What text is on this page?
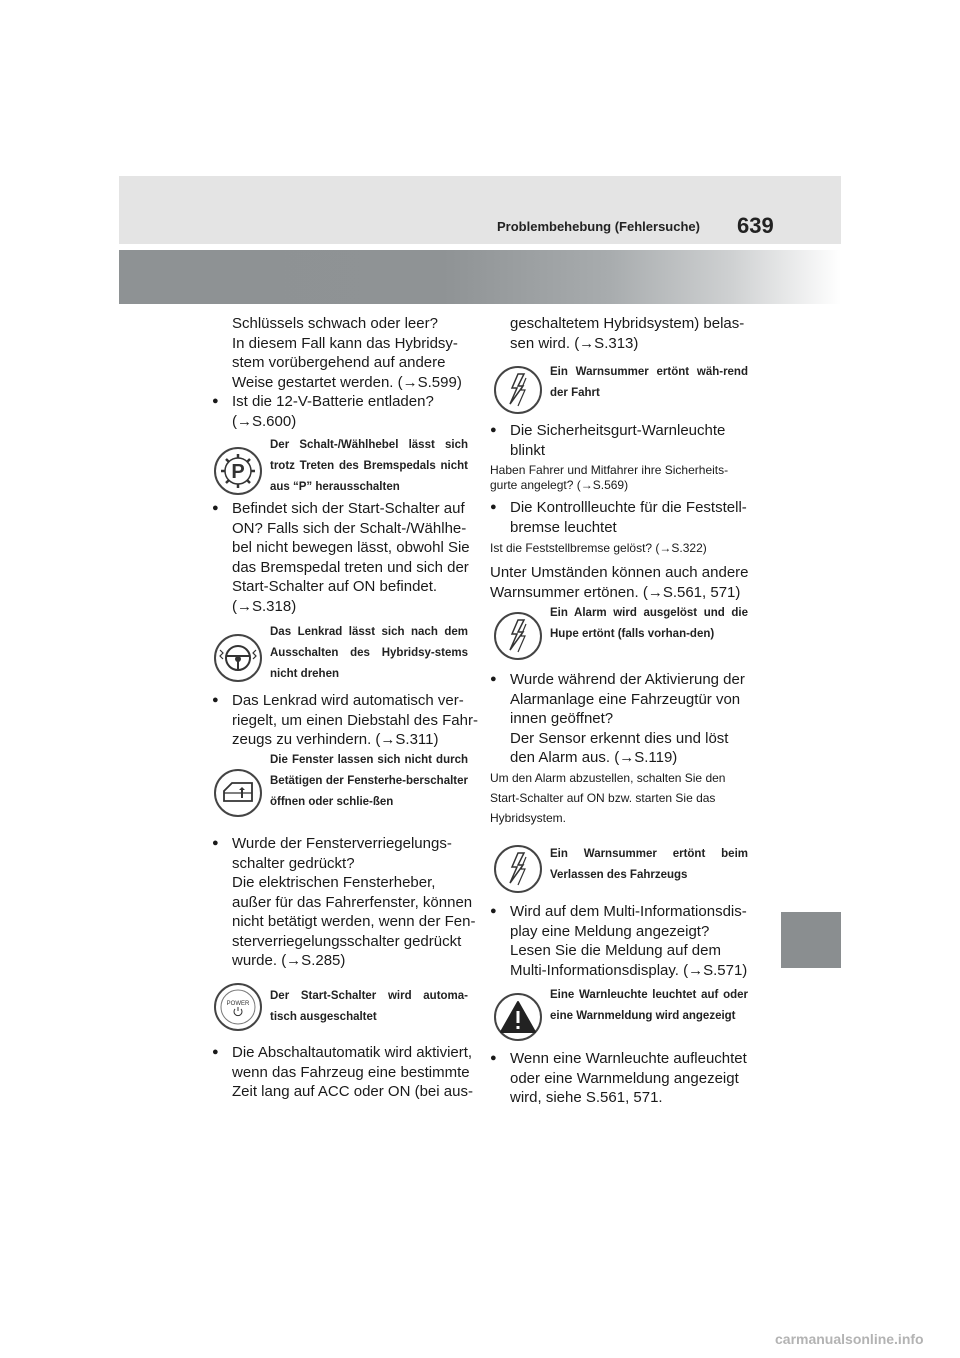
Problembehebung (Fehlersuche) 639
Schlüssels schwach oder leer?
In diesem Fall kann das Hybridsy-
stem vorübergehend auf andere
Weise gestartet werden. (→S.599)
● Ist die 12-V-Batterie entladen?
(→S.600)
P
Der Schalt-/Wählhebel lässt sich trotz Treten des Bremspedals nicht aus “P” herausschalten
● Befindet sich der Start-Schalter auf
ON? Falls sich der Schalt-/Wählhe-
bel nicht bewegen lässt, obwohl Sie
das Bremspedal treten und sich der
Start-Schalter auf ON befindet.
(→S.318)
Das Lenkrad lässt sich nach dem Ausschalten des Hybridsy-stems nicht drehen
● Das Lenkrad wird automatisch ver-
riegelt, um einen Diebstahl des Fahr-
zeugs zu verhindern. (→S.311)
Die Fenster lassen sich nicht durch Betätigen der Fensterhe-berschalter öffnen oder schlie-ßen
● Wurde der Fensterverriegelungs-
schalter gedrückt?
Die elektrischen Fensterheber,
außer für das Fahrerfenster, können
nicht betätigt werden, wenn der Fen-
sterverriegelungsschalter gedrückt
wurde. (→S.285)
POWER
Der Start-Schalter wird automa-tisch ausgeschaltet
● Die Abschaltautomatik wird aktiviert,
wenn das Fahrzeug eine bestimmte
Zeit lang auf ACC oder ON (bei aus-
geschaltetem Hybridsystem) belas-
sen wird. (→S.313)
Ein Warnsummer ertönt wäh-rend der Fahrt
● Die Sicherheitsgurt-Warnleuchte
blinkt
Haben Fahrer und Mitfahrer ihre Sicherheits-
gurte angelegt? (→S.569)
● Die Kontrollleuchte für die Feststell-
bremse leuchtet
Ist die Feststellbremse gelöst? (→S.322)
Unter Umständen können auch andere
Warnsummer ertönen. (→S.561, 571)
Ein Alarm wird ausgelöst und die Hupe ertönt (falls vorhan-den)
● Wurde während der Aktivierung der
Alarmanlage eine Fahrzeugtür von
innen geöffnet?
Der Sensor erkennt dies und löst
den Alarm aus. (→S.119)
Um den Alarm abzustellen, schalten Sie den
Start-Schalter auf ON bzw. starten Sie das
Hybridsystem.
Ein Warnsummer ertönt beim Verlassen des Fahrzeugs
● Wird auf dem Multi-Informationsdis-
play eine Meldung angezeigt?
Lesen Sie die Meldung auf dem
Multi-Informationsdisplay. (→S.571)
Eine Warnleuchte leuchtet auf oder eine Warnmeldung wird angezeigt
● Wenn eine Warnleuchte aufleuchtet
oder eine Warnmeldung angezeigt
wird, siehe S.561, 571.
carmanualsonline.info
